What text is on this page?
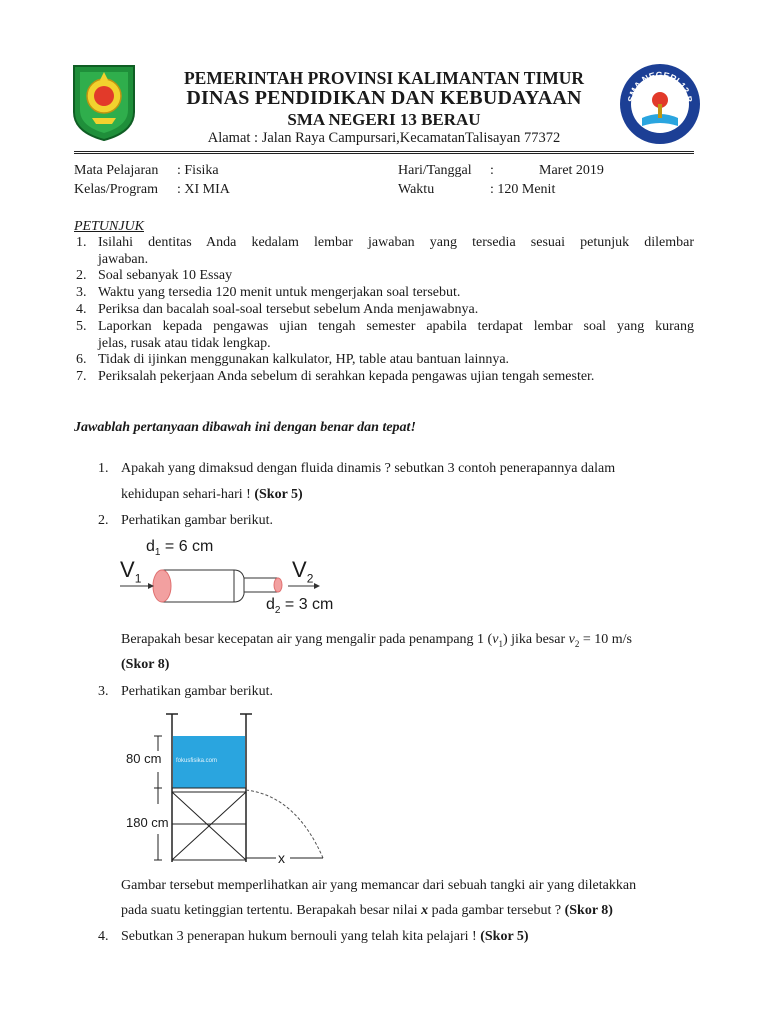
SMA NEGERI 13 B
PEMERINTAH PROVINSI KALIMANTAN TIMUR
DINAS PENDIDIKAN DAN KEBUDAYAAN
SMA NEGERI 13 BERAU
Alamat : Jalan Raya Campursari,KecamatanTalisayan 77372
Mata Pelajaran : Fisika
Kelas/Program : XI MIA
Hari/Tanggal :	Maret 2019
Waktu	: 120 Menit
PETUNJUK
1. Isilahi dentitas Anda kedalam lembar jawaban yang tersedia sesuai petunjuk dilembar
jawaban.
2. Soal sebanyak 10 Essay
3. Waktu yang tersedia 120 menit untuk mengerjakan soal tersebut.
4. Periksa dan bacalah soal-soal tersebut sebelum Anda menjawabnya.
5. Laporkan kepada pengawas ujian tengah semester apabila terdapat lembar soal yang kurang
jelas, rusak atau tidak lengkap.
6. Tidak di ijinkan menggunakan kalkulator, HP, table atau bantuan lainnya.
7. Periksalah pekerjaan Anda sebelum di serahkan kepada pengawas ujian tengah semester.
Jawablah pertanyaan dibawah ini dengan benar dan tepat!
1. Apakah yang dimaksud dengan fluida dinamis ? sebutkan 3 contoh penerapannya dalam
kehidupan sehari-hari ! (Skor 5)
2. Perhatikan gambar berikut.
$d_1 = 6$ cm
$V_1$	$V_2$
$d_2 = 3$ cm
Berapakah besar kecepatan air yang mengalir pada penampang 1 $(v_1)$ jika besar $v_2 = 10$ m/s
(Skor 8)
3. Perhatikan gambar berikut.
80 cm
180 cm
fokusfisika.com
x
Gambar tersebut memperlihatkan air yang memancar dari sebuah tangki air yang diletakkan
pada suatu ketinggian tertentu. Berapakah besar nilai x pada gambar tersebut ? (Skor 8)
4. Sebutkan 3 penerapan hukum bernouli yang telah kita pelajari ! (Skor 5)
